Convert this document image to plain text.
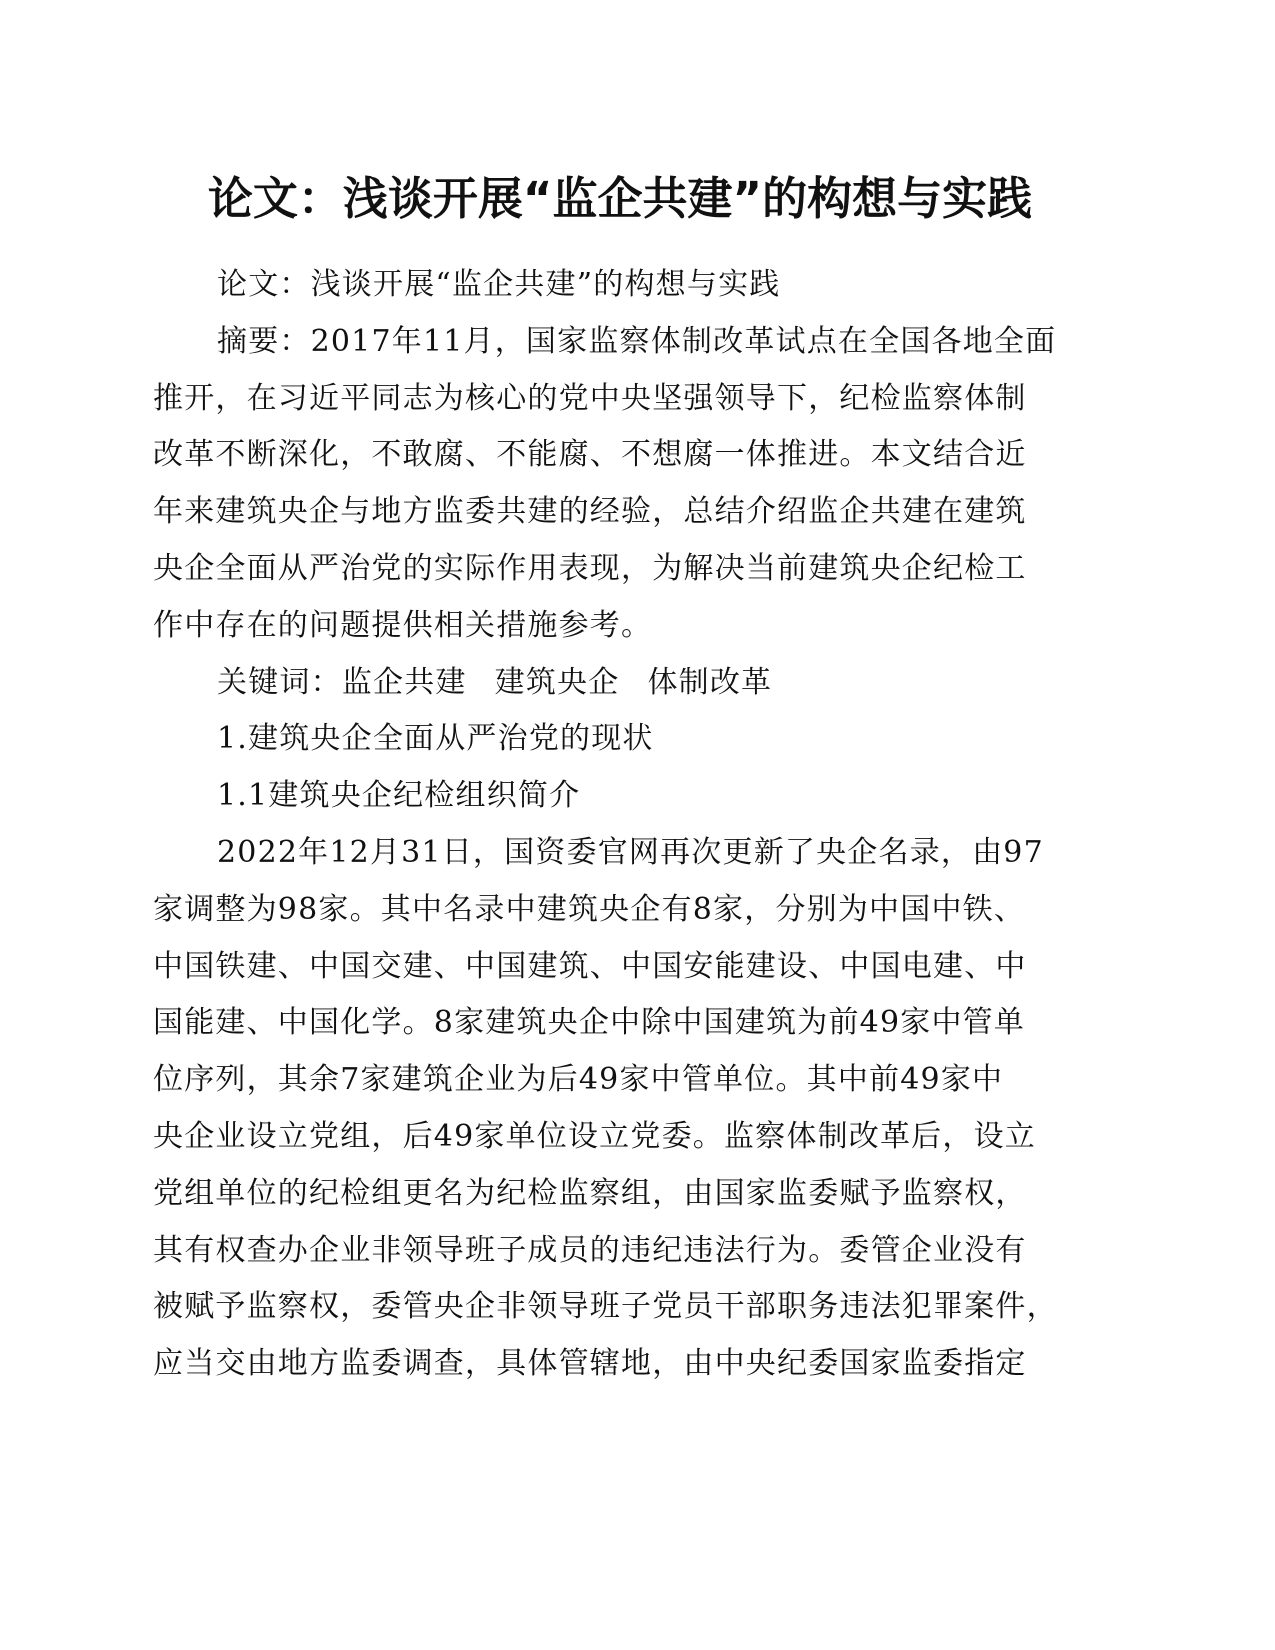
论文：浅谈开展“监企共建”的构想与实践
论文：浅谈开展“监企共建”的构想与实践
摘要：2017年11月，国家监察体制改革试点在全国各地全面
推开，在习近平同志为核心的党中央坚强领导下，纪检监察体制
改革不断深化，不敢腐、不能腐、不想腐一体推进。本文结合近
年来建筑央企与地方监委共建的经验，总结介绍监企共建在建筑
央企全面从严治党的实际作用表现，为解决当前建筑央企纪检工
作中存在的问题提供相关措施参考。
关键词：监企共建 建筑央企 体制改革
1.建筑央企全面从严治党的现状
1.1建筑央企纪检组织简介
2022年12月31日，国资委官网再次更新了央企名录，由97
家调整为98家。其中名录中建筑央企有8家，分别为中国中铁、
中国铁建、中国交建、中国建筑、中国安能建设、中国电建、中
国能建、中国化学。8家建筑央企中除中国建筑为前49家中管单
位序列，其余7家建筑企业为后49家中管单位。其中前49家中
央企业设立党组，后49家单位设立党委。监察体制改革后，设立
党组单位的纪检组更名为纪检监察组，由国家监委赋予监察权，
其有权查办企业非领导班子成员的违纪违法行为。委管企业没有
被赋予监察权，委管央企非领导班子党员干部职务违法犯罪案件，
应当交由地方监委调查，具体管辖地，由中央纪委国家监委指定
